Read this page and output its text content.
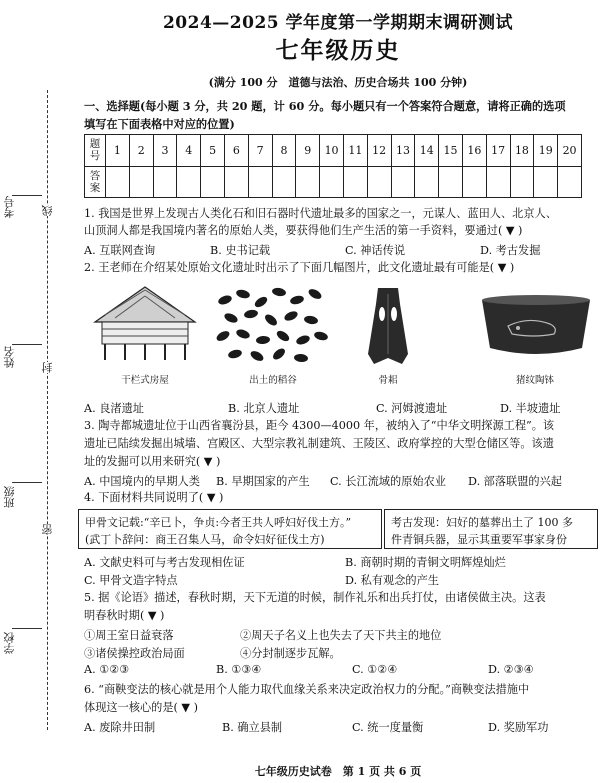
考号 线
姓名 封
班级
密
学校
2024—2025 学年度第一学期期末调研测试
七年级历史
(满分 100 分　道德与法治、历史合场共 100 分钟)
一、选择题(每小题 3 分，共 20 题，计 60 分。每小题只有一个答案符合题意，请将正确的选项
填写在下面表格中对应的位置)
题号	1	2	3	4	5	6	7	8	9	10	11	12	13	14	15	16	17	18	19	20
答案																				
1. 我国是世界上发现古人类化石和旧石器时代遗址最多的国家之一，元谋人、蓝田人、北京人、
山顶洞人都是我国境内著名的原始人类，要获得他们生产生活的第一手资料，要通过( ▼ )
A. 互联网查询	B. 史书记载	C. 神话传说	D. 考古发掘
2. 王老师在介绍某处原始文化遗址时出示了下面几幅图片，此文化遗址最有可能是( ▼ )
干栏式房屋	出土的稻谷	骨耜	猪纹陶钵
A. 良渚遗址	B. 北京人遗址	C. 河姆渡遗址	D. 半坡遗址
3. 陶寺都城遗址位于山西省襄汾县，距今 4300—4000 年，被纳入了“中华文明探源工程”。该
遗址已陆续发掘出城墙、宫殿区、大型宗教礼制建筑、王陵区、政府掌控的大型仓储区等。该遗
址的发掘可以用来研究( ▼ )
A. 中国境内的早期人类 B. 早期国家的产生 C. 长江流域的原始农业 D. 部落联盟的兴起
4. 下面材料共同说明了( ▼ )
甲骨文记载:“辛已卜，争贞:今者王共人呼妇好伐土方。”
(武丁卜辞问：商王召集人马，命令妇好征伐土方)
考古发现：妇好的墓葬出土了 100 多
件青铜兵器，显示其重要军事家身份
A. 文献史料可与考古发现相佐证	B. 商朝时期的青铜文明辉煌灿烂
C. 甲骨文造字特点	D. 私有观念的产生
5. 据《论语》描述，春秋时期，天下无道的时候，制作礼乐和出兵打仗，由诸侯做主决。这表
明春秋时期( ▼ )
①周王室日益衰落	②周天子名义上也失去了天下共主的地位
③诸侯操控政治局面	④分封制逐步瓦解。
A. ①②③	B. ①③④	C. ①②④	D. ②③④
6. “商鞅变法的核心就是用个人能力取代血缘关系来决定政治权力的分配。”商鞅变法措施中
体现这一核心的是( ▼ )
A. 废除井田制	B. 确立县制	C. 统一度量衡	D. 奖励军功
七年级历史试卷　第 1 页 共 6 页
